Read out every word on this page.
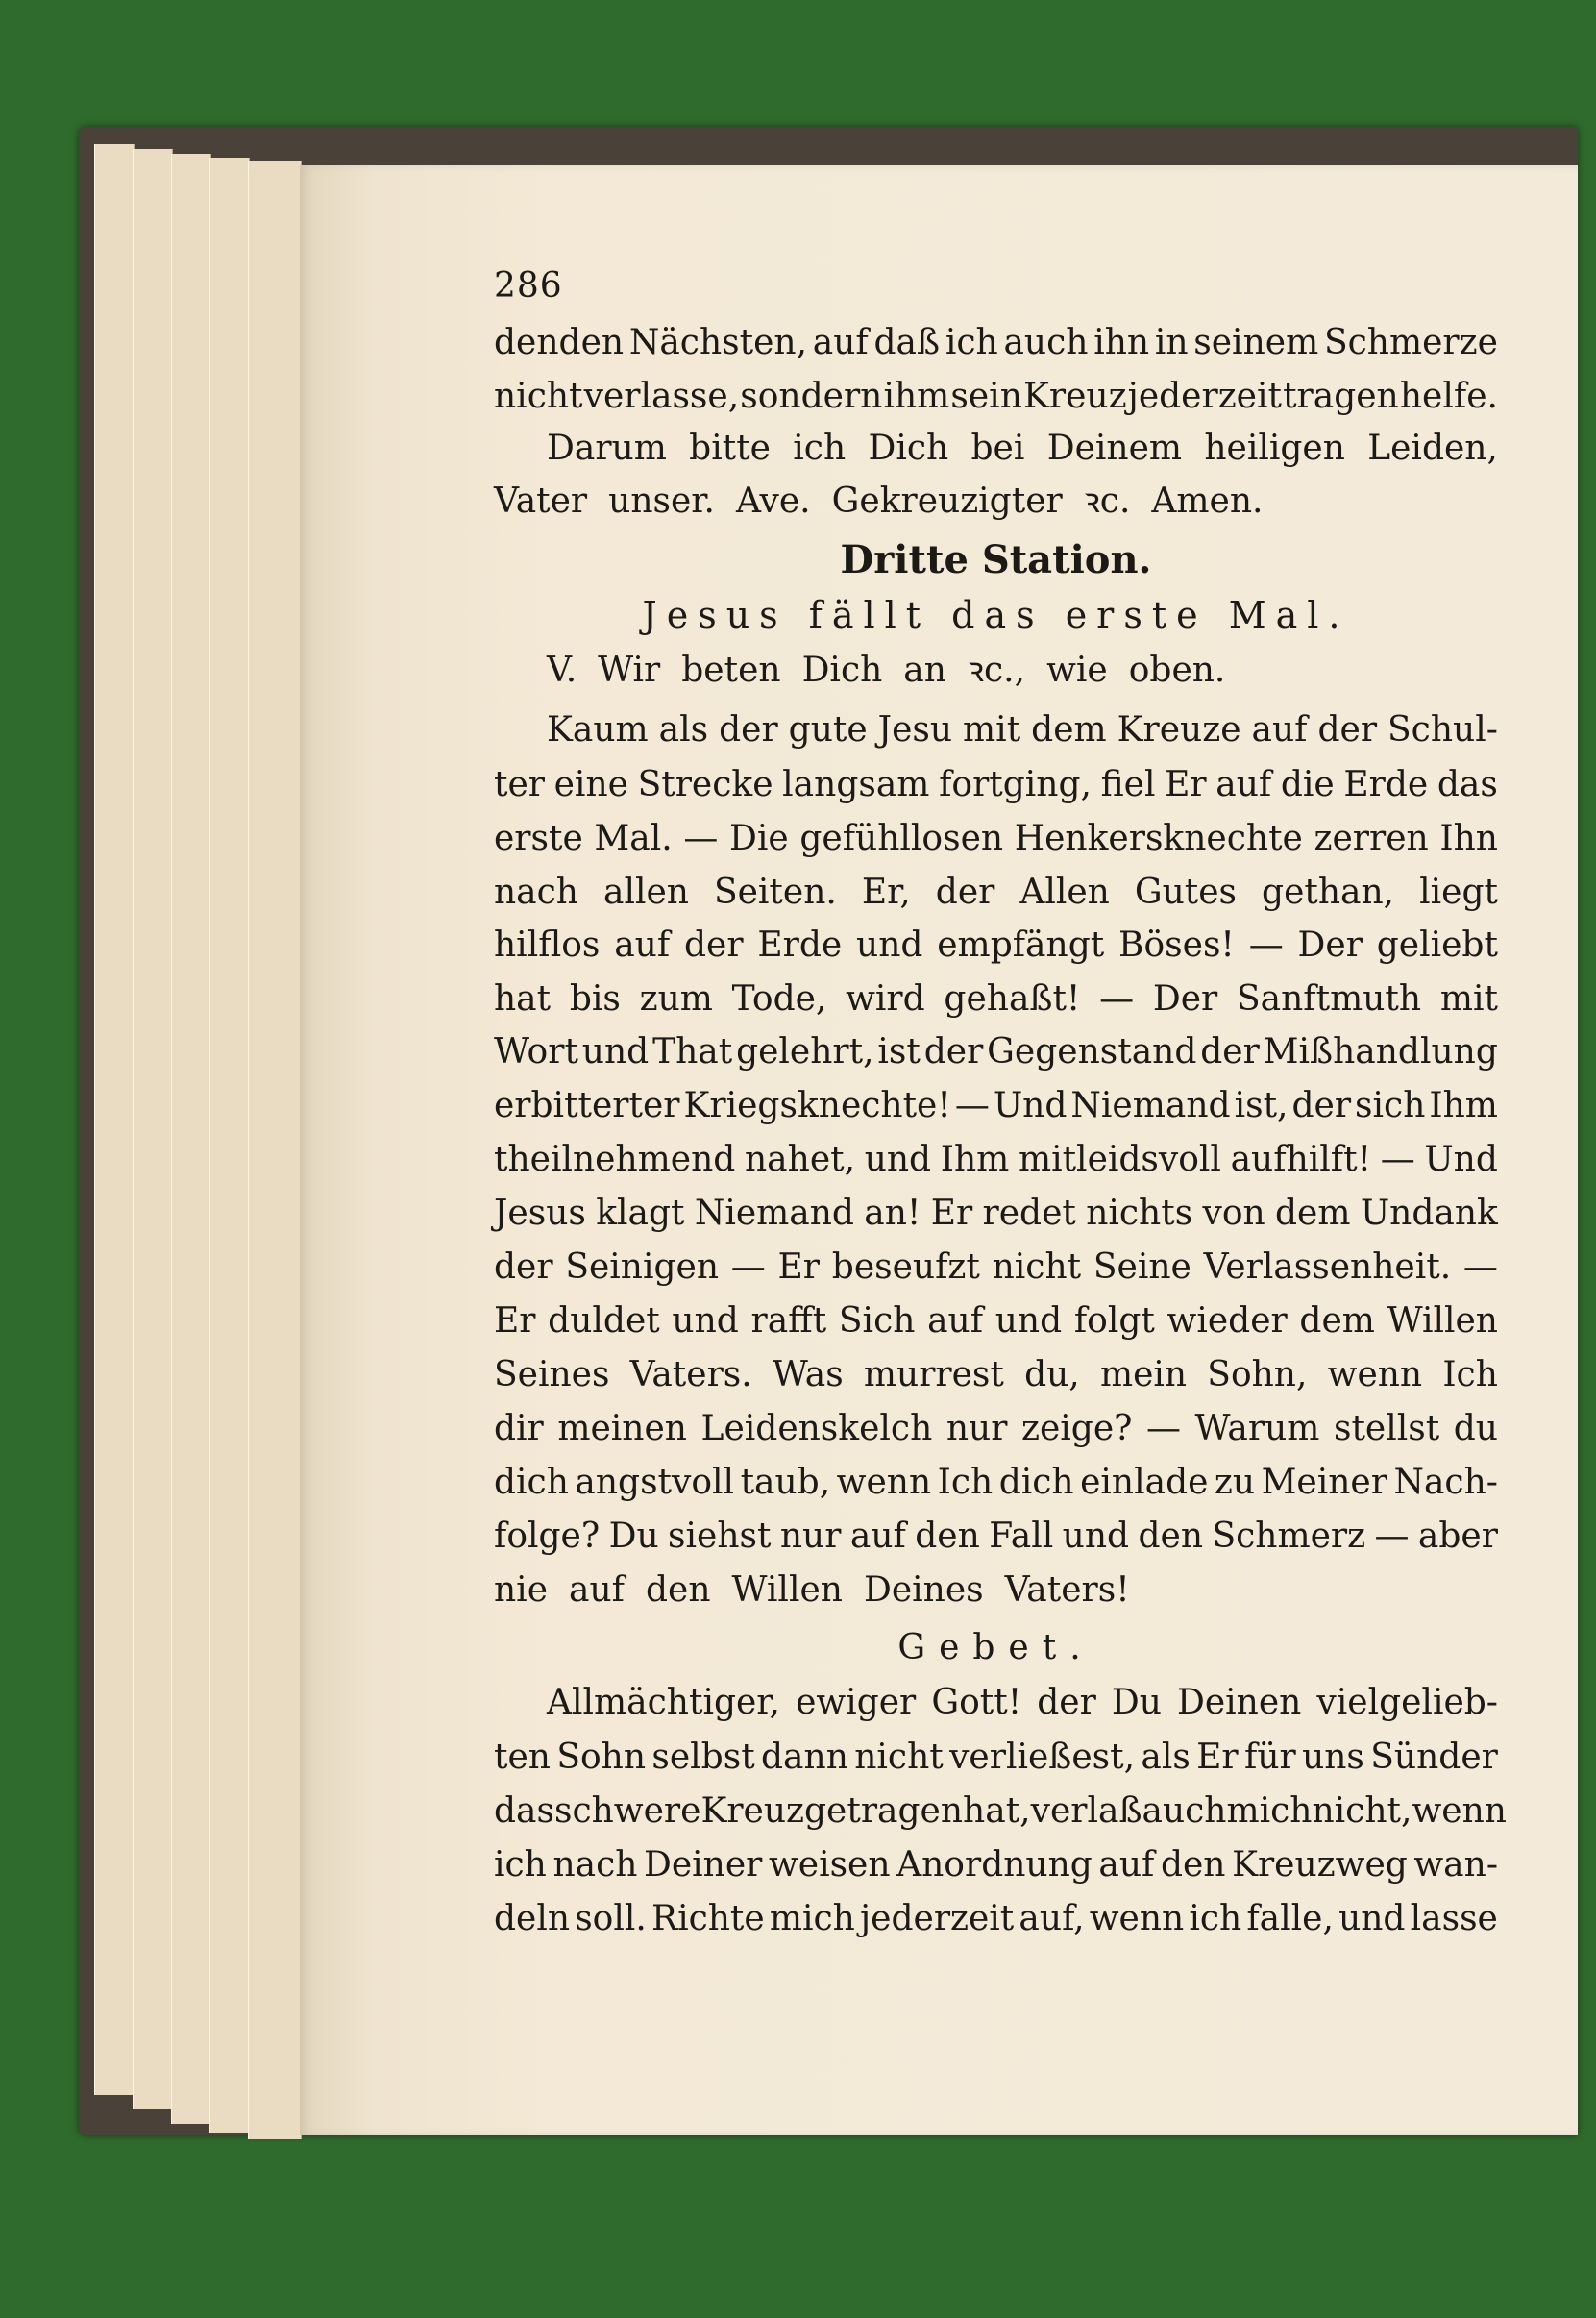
286
denden Nächsten, auf daß ich auch ihn in seinem Schmerze
nicht verlasse, sondern ihm sein Kreuz jederzeit tragen helfe.
Darum bitte ich Dich bei Deinem heiligen Leiden,
Vater unser. Ave. Gekreuzigter ꝛc. Amen.
Dritte Station.
Jesus fällt das erste Mal.
V. Wir beten Dich an ꝛc., wie oben.
Kaum als der gute Jesu mit dem Kreuze auf der Schul-
ter eine Strecke langsam fortging, fiel Er auf die Erde das
erste Mal. — Die gefühllosen Henkersknechte zerren Ihn
nach allen Seiten. Er, der Allen Gutes gethan, liegt
hilflos auf der Erde und empfängt Böses! — Der geliebt
hat bis zum Tode, wird gehaßt! — Der Sanftmuth mit
Wort und That gelehrt, ist der Gegenstand der Mißhandlung
erbitterter Kriegsknechte! — Und Niemand ist, der sich Ihm
theilnehmend nahet, und Ihm mitleidsvoll aufhilft! — Und
Jesus klagt Niemand an! Er redet nichts von dem Undank
der Seinigen — Er beseufzt nicht Seine Verlassenheit. —
Er duldet und rafft Sich auf und folgt wieder dem Willen
Seines Vaters. Was murrest du, mein Sohn, wenn Ich
dir meinen Leidenskelch nur zeige? — Warum stellst du
dich angstvoll taub, wenn Ich dich einlade zu Meiner Nach-
folge? Du siehst nur auf den Fall und den Schmerz — aber
nie auf den Willen Deines Vaters!
Gebet.
Allmächtiger, ewiger Gott! der Du Deinen vielgelieb-
ten Sohn selbst dann nicht verließest, als Er für uns Sünder
das schwere Kreuz getragen hat, verlaß auch mich nicht, wenn
ich nach Deiner weisen Anordnung auf den Kreuzweg wan-
deln soll. Richte mich jederzeit auf, wenn ich falle, und lasse
